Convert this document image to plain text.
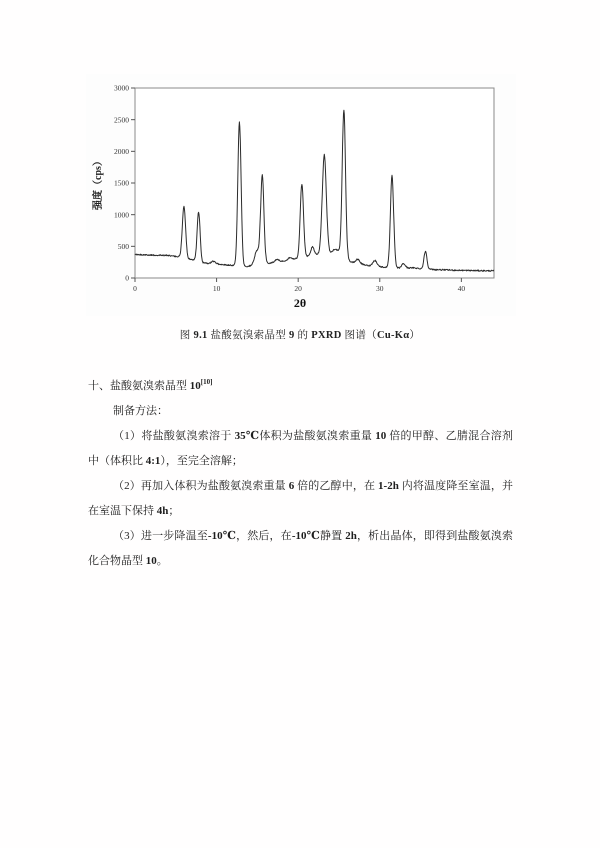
0
500
1000
1500
2000
2500
3000
0	10	20	30	40
强度（cps）
2θ
图 9.1 盐酸氨溴索晶型 9 的 PXRD 图谱（Cu-Kα）

十、盐酸氨溴索晶型 10[10]

制备方法：

（1）将盐酸氨溴索溶于 35℃体积为盐酸氨溴索重量 10 倍的甲醇、乙腈混合溶剂中（体积比 4:1），至完全溶解；

（2）再加入体积为盐酸氨溴索重量 6 倍的乙醇中，在 1-2h 内将温度降至室温，并在室温下保持 4h；

（3）进一步降温至-10℃，然后，在-10℃静置 2h，析出晶体，即得到盐酸氨溴索化合物晶型 10。
